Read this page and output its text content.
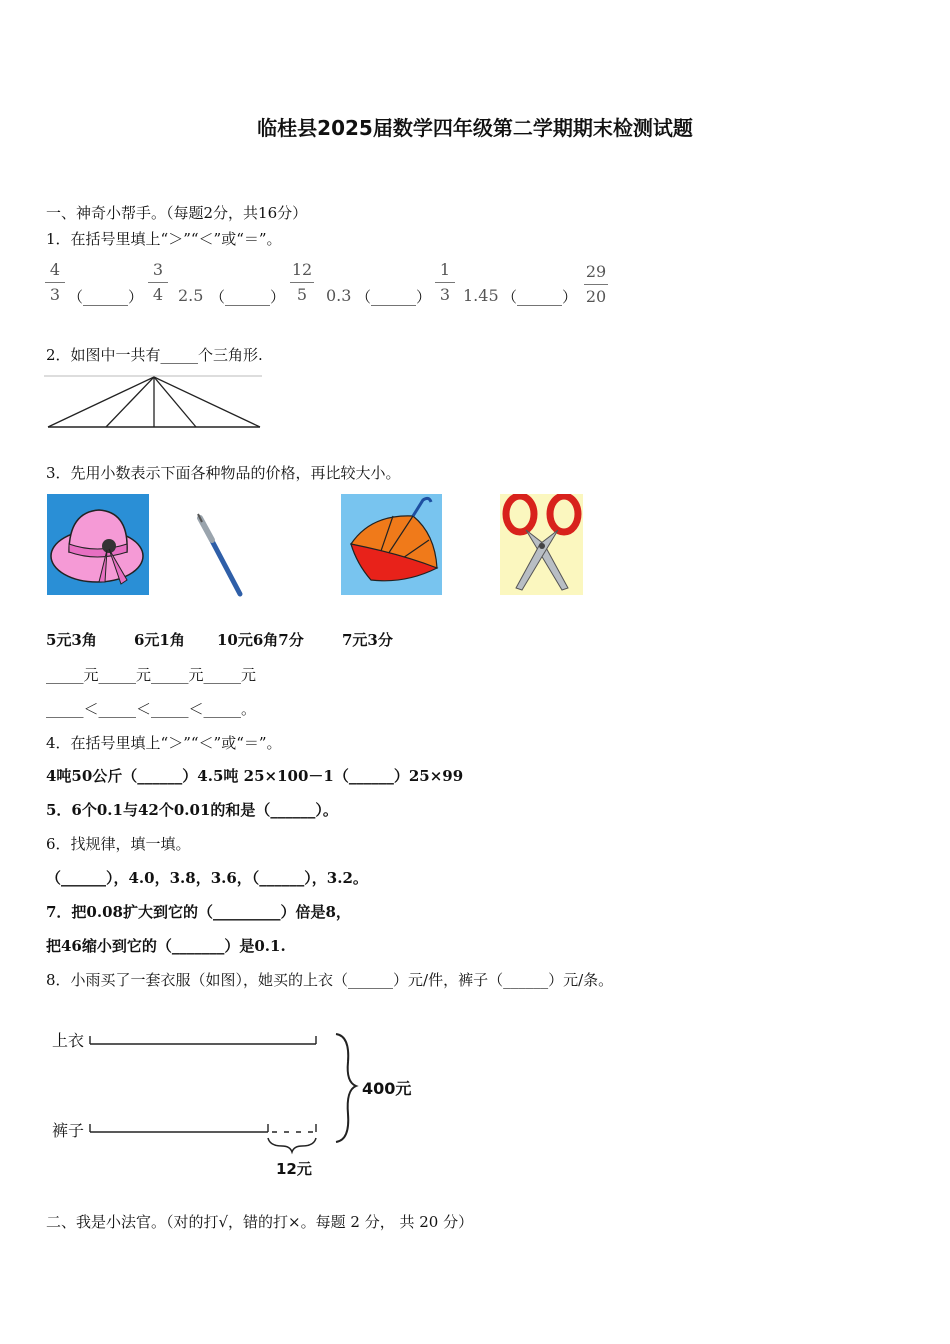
临桂县2025届数学四年级第二学期期末检测试题
一、神奇小帮手。（每题2分，共16分）
1．在括号里填上“＞”“＜”或“＝”。
4
3 （______）
3
4 2.5 （______）
12
5	0.3 （______）
1
3 1.45 （______）
29
20
2．如图中一共有_____个三角形.
3．先用小数表示下面各种物品的价格，再比较大小。
5元3角 6元1角 10元6角7分	7元3分
_____元_____元_____元_____元
_____＜_____＜_____＜_____。
4．在括号里填上“＞”“＜”或“＝”。
4吨50公斤（______）4.5吨 25×100－1（______）25×99
5．6个0.1与42个0.01的和是（______）。
6．找规律，填一填。
（______），4.0，3.8，3.6，（______），3.2。
7．把0.08扩大到它的（_________）倍是8，
把46缩小到它的（_______）是0.1.
8．小雨买了一套衣服（如图），她买的上衣（______）元/件，裤子（______）元/条。
上衣
裤子
400元
12元
二、我是小法官。（对的打√，错的打×。每题 2 分， 共 20 分）
